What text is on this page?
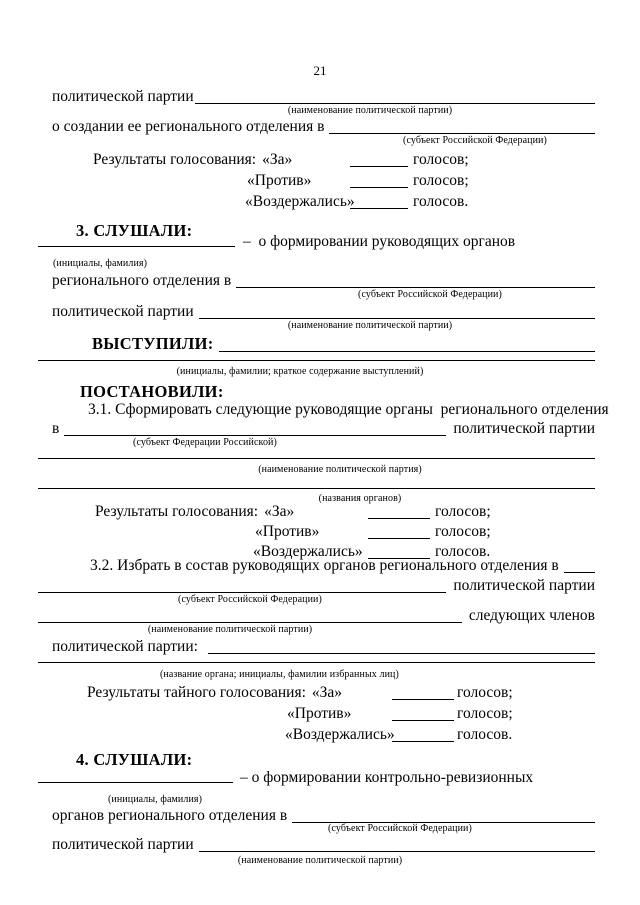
21
политической партии
(наименование политической партии)
о создании ее регионального отделения в
(субъект Российской Федерации)
Результаты голосования: «За»	голосов;
«Против»	голосов;
«Воздержались»	голосов.
3. СЛУШАЛИ:
–  о формировании руководящих органов
(инициалы, фамилия)
регионального отделения в
(субъект Российской Федерации)
политической партии
(наименование политической партии)
ВЫСТУПИЛИ:
(инициалы, фамилии; краткое содержание выступлений)
ПОСТАНОВИЛИ:
3.1. Сформировать следующие руководящие органы  регионального отделения
в	политической партии
(субъект Федерации Российской)
(наименование политической партия)
(названия органов)
Результаты голосования: «За»	голосов;
«Против»	голосов;
«Воздержались»	голосов.
3.2. Избрать в состав руководящих органов регионального отделения в
политической партии
(субъект Российской Федерации)
следующих членов
(наименование политической партии)
политической партии:
(название органа; инициалы, фамилии избранных лиц)
Результаты тайного голосования: «За»	голосов;
«Против»	голосов;
«Воздержались»	голосов.
4. СЛУШАЛИ:
– о формировании контрольно-ревизионных
(инициалы, фамилия)
органов регионального отделения в
(субъект Российской Федерации)
политической партии
(наименование политической партии)
